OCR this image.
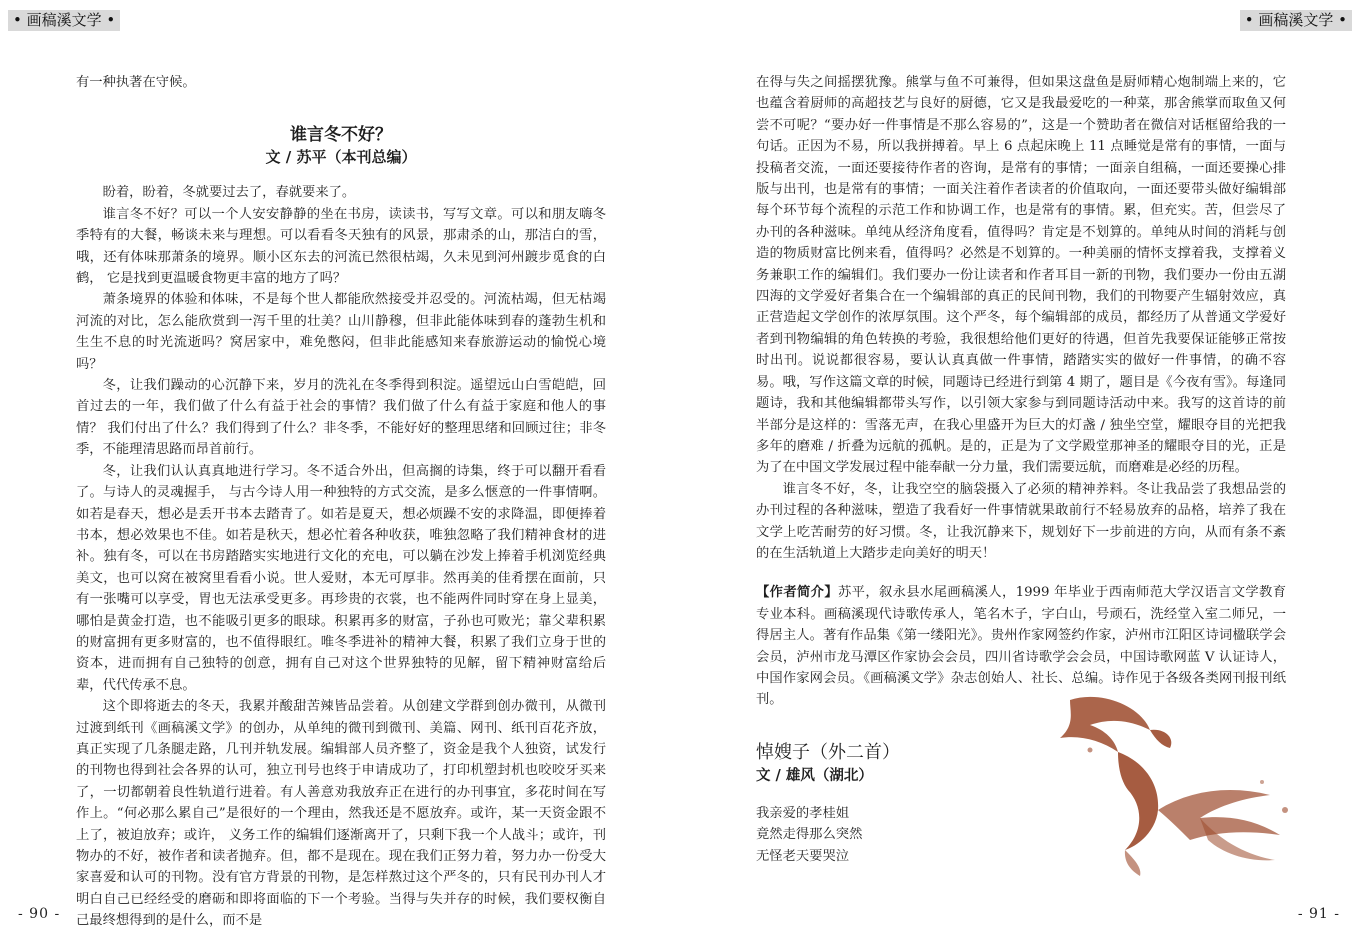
• 画稿溪文学 •	• 画稿溪文学 •

有一种执著在守候。

谁言冬不好？
文 / 苏平（本刊总编）

盼着，盼着，冬就要过去了，春就要来了。

谁言冬不好？可以一个人安安静静的坐在书房，读读书，写写文章。可以和朋友嗨冬季特有的大餐，畅谈未来与理想。可以看看冬天独有的风景，那肃杀的山，那洁白的雪，哦，还有体味那萧条的境界。顺小区东去的河流已然很枯竭，久未见到河州踱步觅食的白鹤， 它是找到更温暖食物更丰富的地方了吗？

萧条境界的体验和体味，不是每个世人都能欣然接受并忍受的。河流枯竭，但无枯竭河流的对比，怎么能欣赏到一泻千里的壮美？山川静穆，但非此能体味到春的蓬勃生机和生生不息的时光流逝吗？窝居家中，难免憋闷，但非此能感知来春旅游运动的愉悦心境吗？

冬，让我们躁动的心沉静下来，岁月的洗礼在冬季得到积淀。遥望远山白雪皑皑，回首过去的一年，我们做了什么有益于社会的事情？我们做了什么有益于家庭和他人的事情？ 我们付出了什么？我们得到了什么？非冬季，不能好好的整理思绪和回顾过往；非冬季，不能理清思路而昂首前行。

冬，让我们认认真真地进行学习。冬不适合外出，但高搁的诗集，终于可以翻开看看了。与诗人的灵魂握手， 与古今诗人用一种独特的方式交流，是多么惬意的一件事情啊。如若是春天，想必是丢开书本去踏青了。如若是夏天，想必烦躁不安的求降温，即便捧着书本，想必效果也不佳。如若是秋天，想必忙着各种收获，唯独忽略了我们精神食材的进补。独有冬，可以在书房踏踏实实地进行文化的充电，可以躺在沙发上捧着手机浏览经典美文，也可以窝在被窝里看看小说。世人爱财，本无可厚非。然再美的佳肴摆在面前，只有一张嘴可以享受，胃也无法承受更多。再珍贵的衣裳，也不能两件同时穿在身上显美，哪怕是黄金打造，也不能吸引更多的眼球。积累再多的财富，子孙也可败光；靠父辈积累的财富拥有更多财富的，也不值得眼红。唯冬季进补的精神大餐，积累了我们立身于世的资本，进而拥有自己独特的创意，拥有自己对这个世界独特的见解，留下精神财富给后辈，代代传承不息。

这个即将逝去的冬天，我累并酸甜苦辣皆品尝着。从创建文学群到创办微刊，从微刊过渡到纸刊《画稿溪文学》的创办，从单纯的微刊到微刊、美篇、网刊、纸刊百花齐放，真正实现了几条腿走路，几刊并轨发展。编辑部人员齐整了，资金是我个人独资，试发行的刊物也得到社会各界的认可，独立刊号也终于申请成功了，打印机塑封机也咬咬牙买来了，一切都朝着良性轨道行进着。有人善意劝我放弃正在进行的办刊事宜，多花时间在写作上。“何必那么累自己”是很好的一个理由，然我还是不愿放弃。或许，某一天资金跟不上了，被迫放弃；或许， 义务工作的编辑们逐渐离开了，只剩下我一个人战斗；或许，刊物办的不好，被作者和读者抛弃。但，都不是现在。现在我们正努力着，努力办一份受大家喜爱和认可的刊物。没有官方背景的刊物，是怎样熬过这个严冬的，只有民刊办刊人才明白自己已经经受的磨砺和即将面临的下一个考验。当得与失并存的时候，我们要权衡自己最终想得到的是什么，而不是

在得与失之间摇摆犹豫。熊掌与鱼不可兼得，但如果这盘鱼是厨师精心炮制端上来的，它也蕴含着厨师的高超技艺与良好的厨德，它又是我最爱吃的一种菜，那舍熊掌而取鱼又何尝不可呢？“要办好一件事情是不那么容易的”，这是一个赞助者在微信对话框留给我的一句话。正因为不易，所以我拼搏着。早上 6 点起床晚上 11 点睡觉是常有的事情，一面与投稿者交流，一面还要接待作者的咨询，是常有的事情；一面亲自组稿，一面还要操心排版与出刊，也是常有的事情；一面关注着作者读者的价值取向，一面还要带头做好编辑部每个环节每个流程的示范工作和协调工作，也是常有的事情。累，但充实。苦，但尝尽了办刊的各种滋味。单纯从经济角度看，值得吗？肯定是不划算的。单纯从时间的消耗与创造的物质财富比例来看，值得吗？必然是不划算的。一种美丽的情怀支撑着我，支撑着义务兼职工作的编辑们。我们要办一份让读者和作者耳目一新的刊物，我们要办一份由五湖四海的文学爱好者集合在一个编辑部的真正的民间刊物，我们的刊物要产生辐射效应，真正营造起文学创作的浓厚氛围。这个严冬，每个编辑部的成员，都经历了从普通文学爱好者到刊物编辑的角色转换的考验，我很想给他们更好的待遇，但首先我要保证能够正常按时出刊。说说都很容易，要认认真真做一件事情，踏踏实实的做好一件事情，的确不容易。哦，写作这篇文章的时候，同题诗已经进行到第 4 期了，题目是《今夜有雪》。每逢同题诗，我和其他编辑都带头写作，以引领大家参与到同题诗活动中来。我写的这首诗的前半部分是这样的：雪落无声，在我心里盛开为巨大的灯盏 / 独坐空堂，耀眼夺目的光把我多年的磨难 / 折叠为远航的孤帆。是的，正是为了文学殿堂那神圣的耀眼夺目的光，正是为了在中国文学发展过程中能奉献一分力量，我们需要远航，而磨难是必经的历程。

谁言冬不好，冬，让我空空的脑袋摄入了必须的精神养料。冬让我品尝了我想品尝的办刊过程的各种滋味，塑造了我看好一件事情就果敢前行不轻易放弃的品格，培养了我在文学上吃苦耐劳的好习惯。冬，让我沉静来下，规划好下一步前进的方向，从而有条不紊的在生活轨道上大踏步走向美好的明天！

【作者简介】苏平，叙永县水尾画稿溪人，1999 年毕业于西南师范大学汉语言文学教育专业本科。画稿溪现代诗歌传承人，笔名木子，字白山，号顽石，洗经堂入室二师兄，一得居主人。著有作品集《第一缕阳光》。贵州作家网签约作家，泸州市江阳区诗词楹联学会会员，泸州市龙马潭区作家协会会员，四川省诗歌学会会员，中国诗歌网蓝 V 认证诗人，中国作家网会员。《画稿溪文学》杂志创始人、社长、总编。诗作见于各级各类网刊报刊纸刊。

悼嫂子（外二首）
文 / 雄风（湖北）

我亲爱的孝桂姐

竟然走得那么突然

无怪老天要哭泣

- 90 -	- 91 -
